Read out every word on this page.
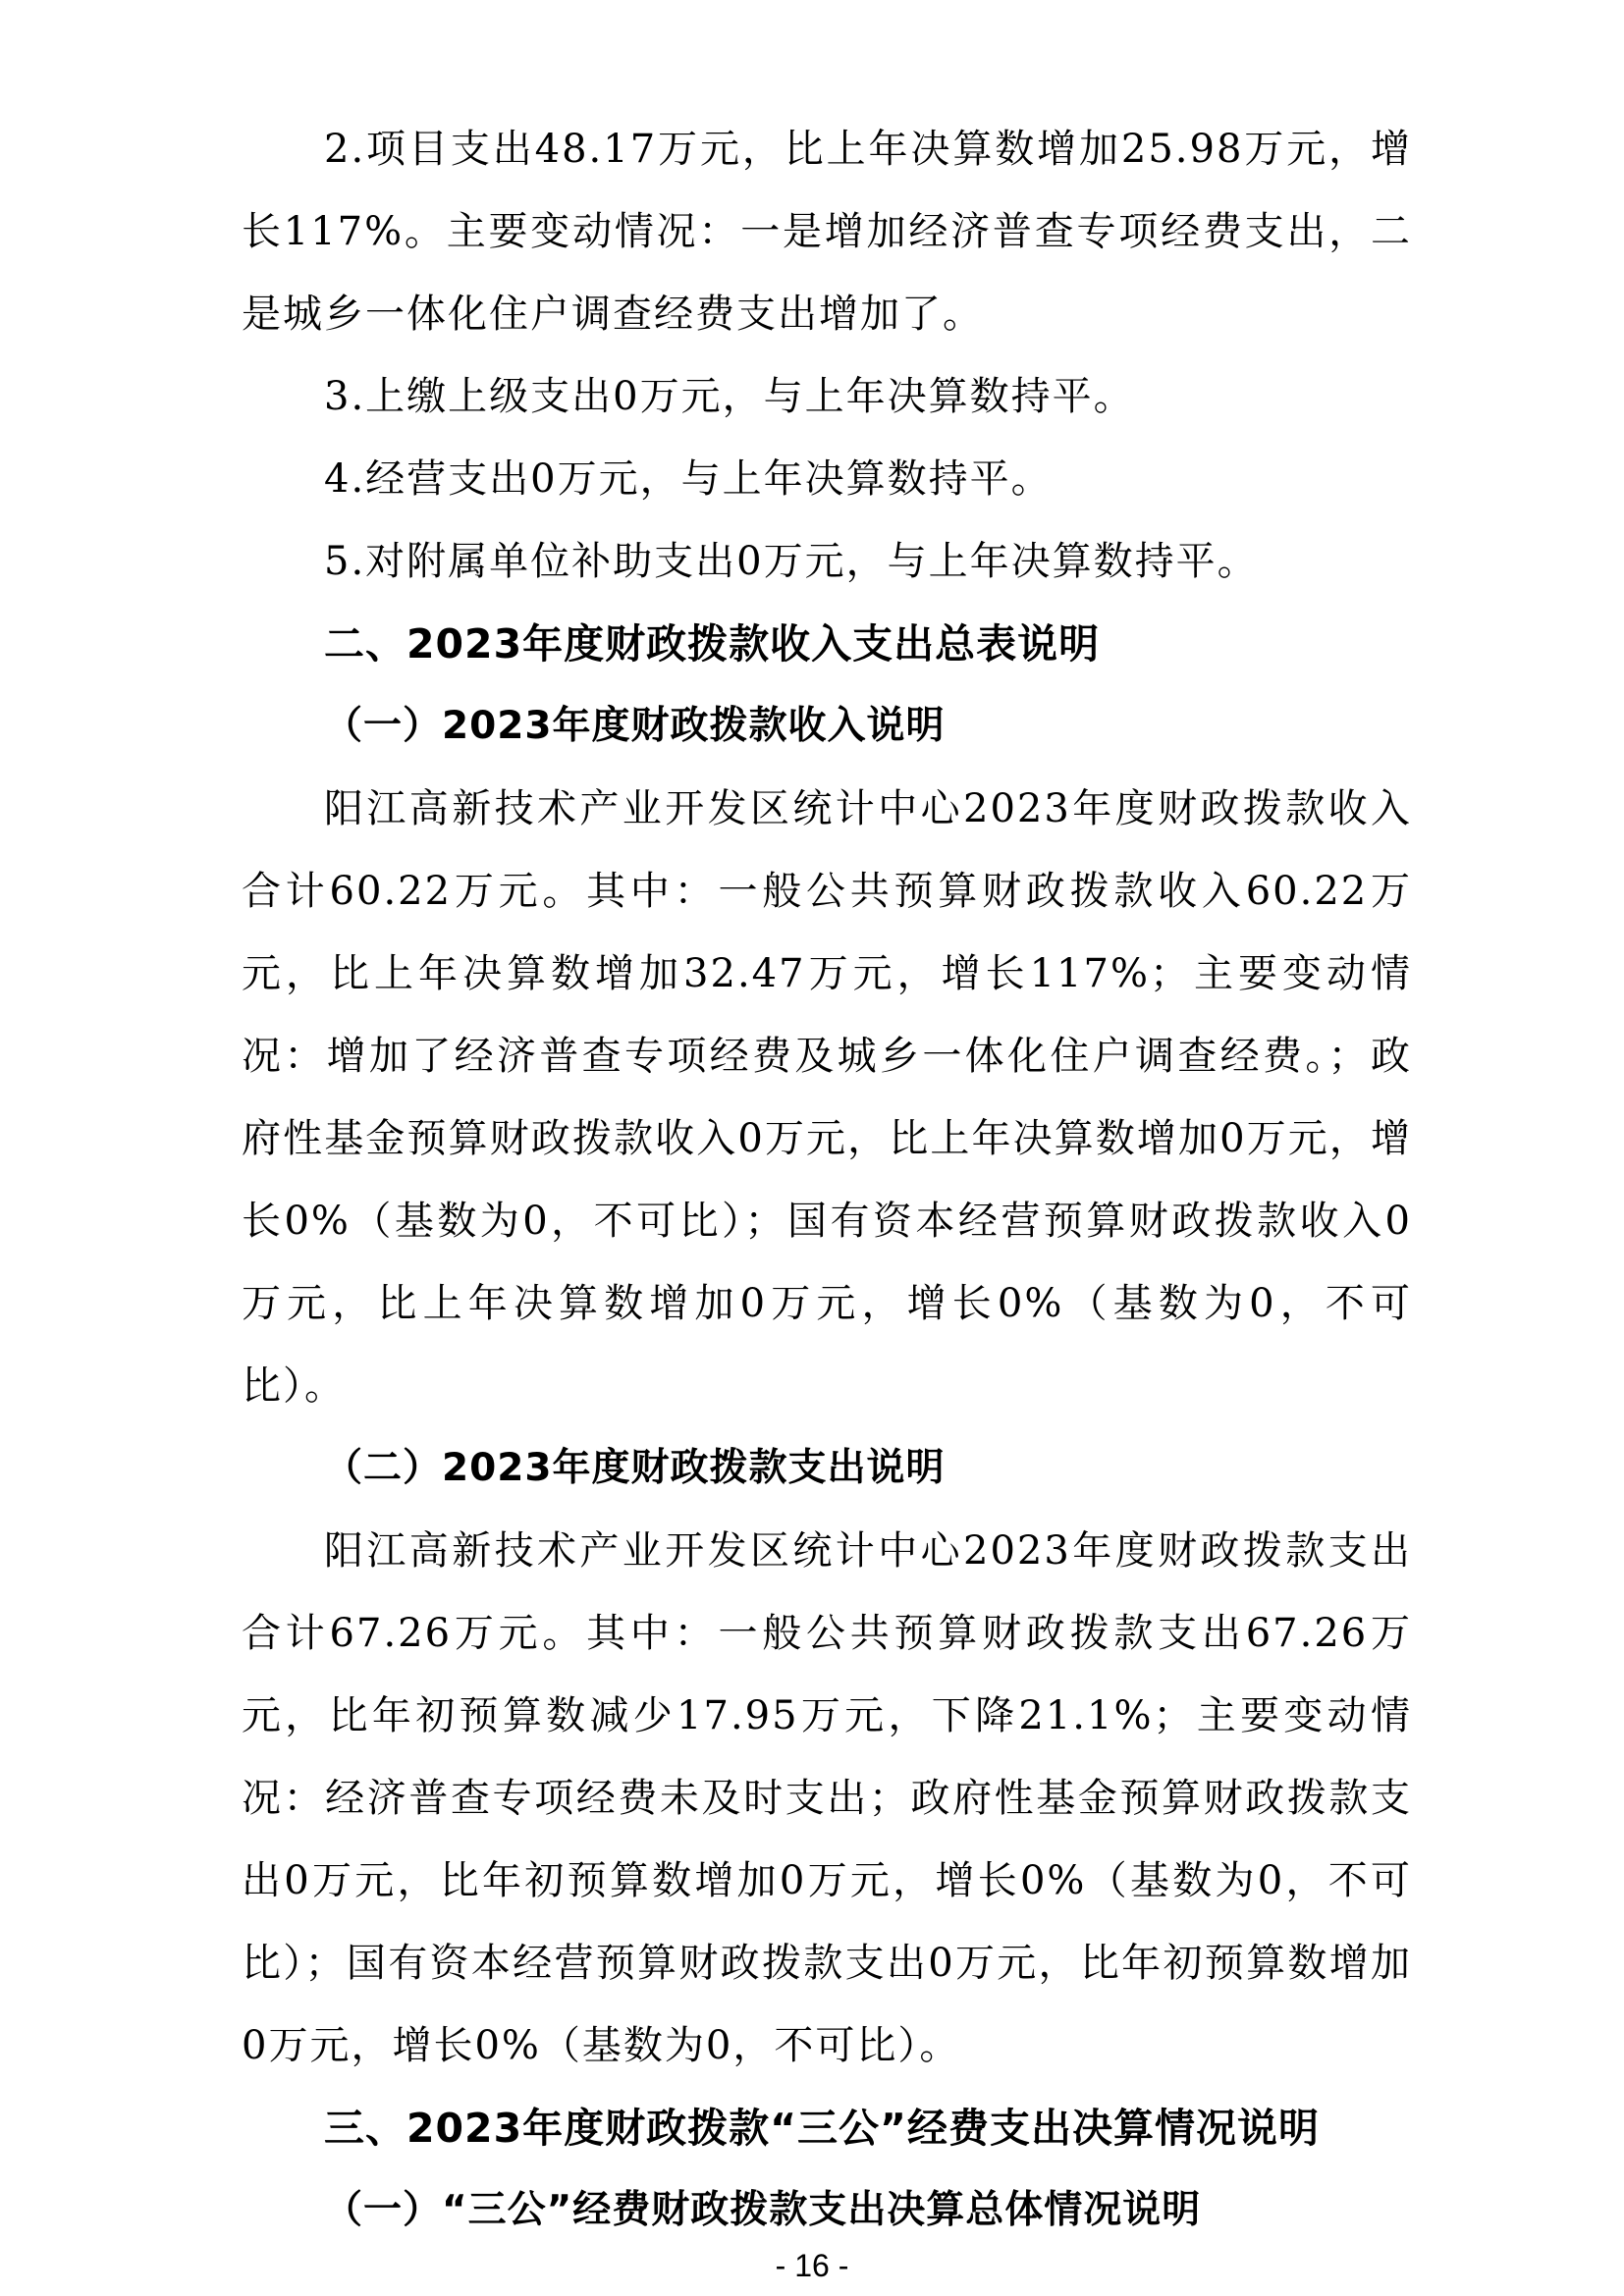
2.项目支出48.17万元，比上年决算数增加25.98万元，增长117%。主要变动情况：一是增加经济普查专项经费支出，二是城乡一体化住户调查经费支出增加了。

3.上缴上级支出0万元，与上年决算数持平。

4.经营支出0万元，与上年决算数持平。

5.对附属单位补助支出0万元，与上年决算数持平。

二、2023年度财政拨款收入支出总表说明
（一）2023年度财政拨款收入说明

阳江高新技术产业开发区统计中心2023年度财政拨款收入合计60.22万元。其中：一般公共预算财政拨款收入60.22万元，比上年决算数增加32.47万元，增长117%；主要变动情况：增加了经济普查专项经费及城乡一体化住户调查经费。；政府性基金预算财政拨款收入0万元，比上年决算数增加0万元，增长0%（基数为0，不可比）；国有资本经营预算财政拨款收入0万元，比上年决算数增加0万元，增长0%（基数为0，不可比）。

（二）2023年度财政拨款支出说明

阳江高新技术产业开发区统计中心2023年度财政拨款支出合计67.26万元。其中：一般公共预算财政拨款支出67.26万元，比年初预算数减少17.95万元，下降21.1%；主要变动情况：经济普查专项经费未及时支出；政府性基金预算财政拨款支出0万元，比年初预算数增加0万元，增长0%（基数为0，不可比）；国有资本经营预算财政拨款支出0万元，比年初预算数增加0万元，增长0%（基数为0，不可比）。

三、2023年度财政拨款“三公”经费支出决算情况说明
（一）“三公”经费财政拨款支出决算总体情况说明
- 16 -
